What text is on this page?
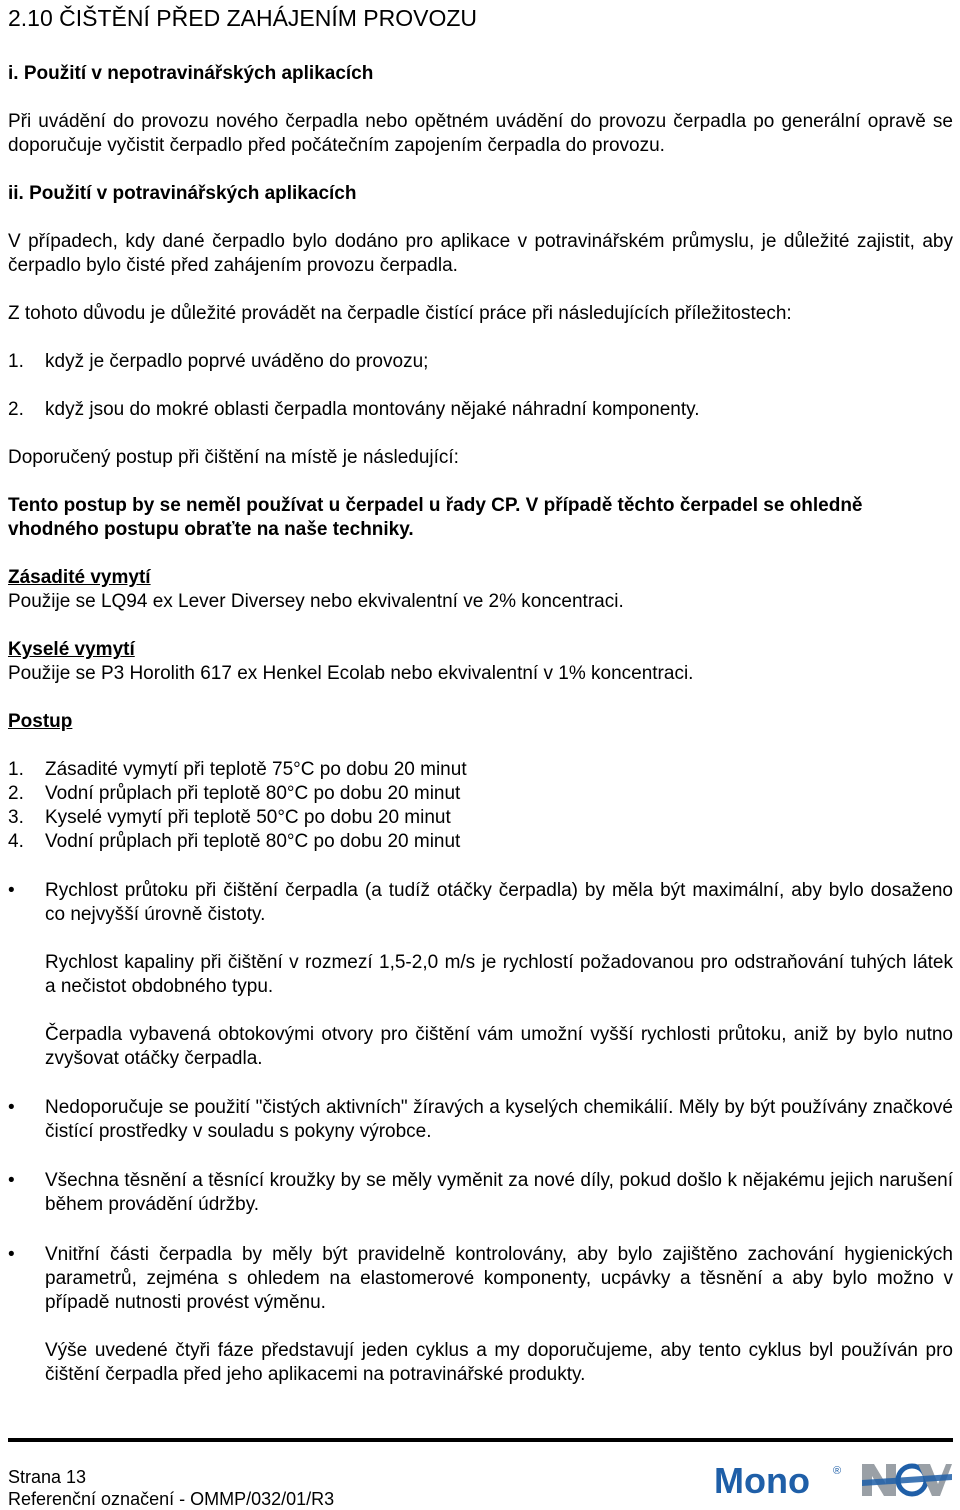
2.10 ČIŠTĚNÍ PŘED ZAHÁJENÍM PROVOZU
i. Použití v nepotravinářských aplikacích
Při uvádění do provozu nového čerpadla nebo opětném uvádění do provozu čerpadla po generální opravě se doporučuje vyčistit čerpadlo před počátečním zapojením čerpadla do provozu.
ii. Použití v potravinářských aplikacích
V případech, kdy dané čerpadlo bylo dodáno pro aplikace v potravinářském průmyslu, je důležité zajistit, aby čerpadlo bylo čisté před zahájením provozu čerpadla.
Z tohoto důvodu je důležité provádět na čerpadle čistící práce při následujících příležitostech:
1.	když je čerpadlo poprvé uváděno do provozu;
2.	když jsou do mokré oblasti čerpadla montovány nějaké náhradní komponenty.
Doporučený postup při čištění na místě je následující:
Tento postup by se neměl používat u čerpadel u řady CP. V případě těchto čerpadel se ohledně vhodného postupu obraťte na naše techniky.
Zásadité vymytí
Použije se LQ94 ex Lever Diversey nebo ekvivalentní ve 2% koncentraci.
Kyselé vymytí
Použije se P3 Horolith 617 ex Henkel Ecolab nebo ekvivalentní v 1% koncentraci.
Postup
1.	Zásadité vymytí při teplotě 75°C po dobu 20 minut
2.	Vodní průplach při teplotě 80°C po dobu 20 minut
3.	Kyselé vymytí při teplotě 50°C po dobu 20 minut
4.	Vodní průplach při teplotě 80°C po dobu 20 minut
• Rychlost průtoku při čištění čerpadla (a tudíž otáčky čerpadla) by měla být maximální, aby bylo dosaženo co nejvyšší úrovně čistoty.
Rychlost kapaliny při čištění v rozmezí 1,5-2,0 m/s je rychlostí požadovanou pro odstraňování tuhých látek a nečistot obdobného typu.
Čerpadla vybavená obtokovými otvory pro čištění vám umožní vyšší rychlosti průtoku, aniž by bylo nutno zvyšovat otáčky čerpadla.
• Nedoporučuje se použití "čistých aktivních" žíravých a kyselých chemikálií. Měly by být používány značkové čistící prostředky v souladu s pokyny výrobce.
• Všechna těsnění a těsnící kroužky by se měly vyměnit za nové díly, pokud došlo k nějakému jejich narušení během provádění údržby.
• Vnitřní části čerpadla by měly být pravidelně kontrolovány, aby bylo zajištěno zachování hygienických parametrů, zejména s ohledem na elastomerové komponenty, ucpávky a těsnění a aby bylo možno v případě nutnosti provést výměnu.
Výše uvedené čtyři fáze představují jeden cyklus a my doporučujeme, aby tento cyklus byl používán pro čištění čerpadla před jeho aplikacemi na potravinářské produkty.
Strana 13
Referenční označení - OMMP/032/01/R3	Mono ®
